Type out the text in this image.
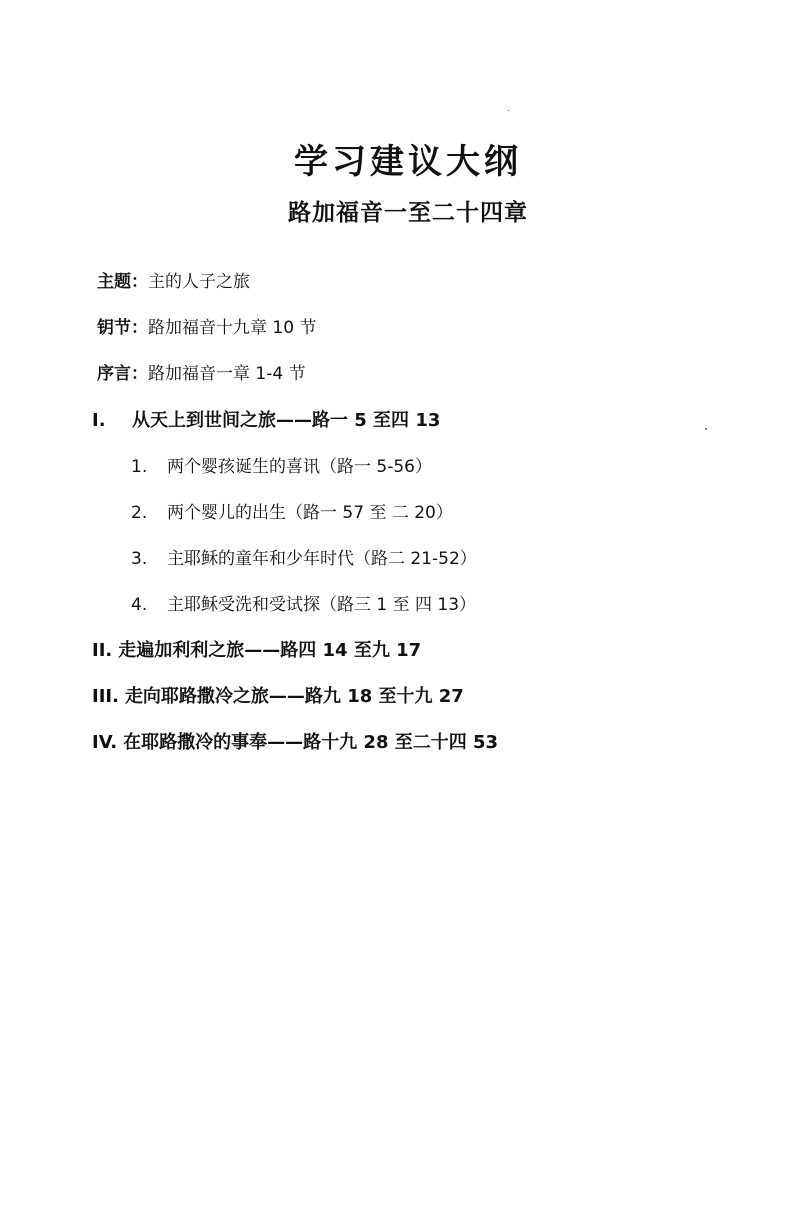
学习建议大纲
路加福音一至二十四章
主题：主的人子之旅
钥节：路加福音十九章 10 节
序言：路加福音一章 1-4 节
I. 从天上到世间之旅——路一 5 至四 13
1. 两个婴孩诞生的喜讯（路一 5-56）
2. 两个婴儿的出生（路一 57 至 二 20）
3. 主耶稣的童年和少年时代（路二 21-52）
4. 主耶稣受洗和受试探（路三 1 至 四 13）
II. 走遍加利利之旅——路四 14 至九 17
III. 走向耶路撒冷之旅——路九 18 至十九 27
IV. 在耶路撒冷的事奉——路十九 28 至二十四 53
